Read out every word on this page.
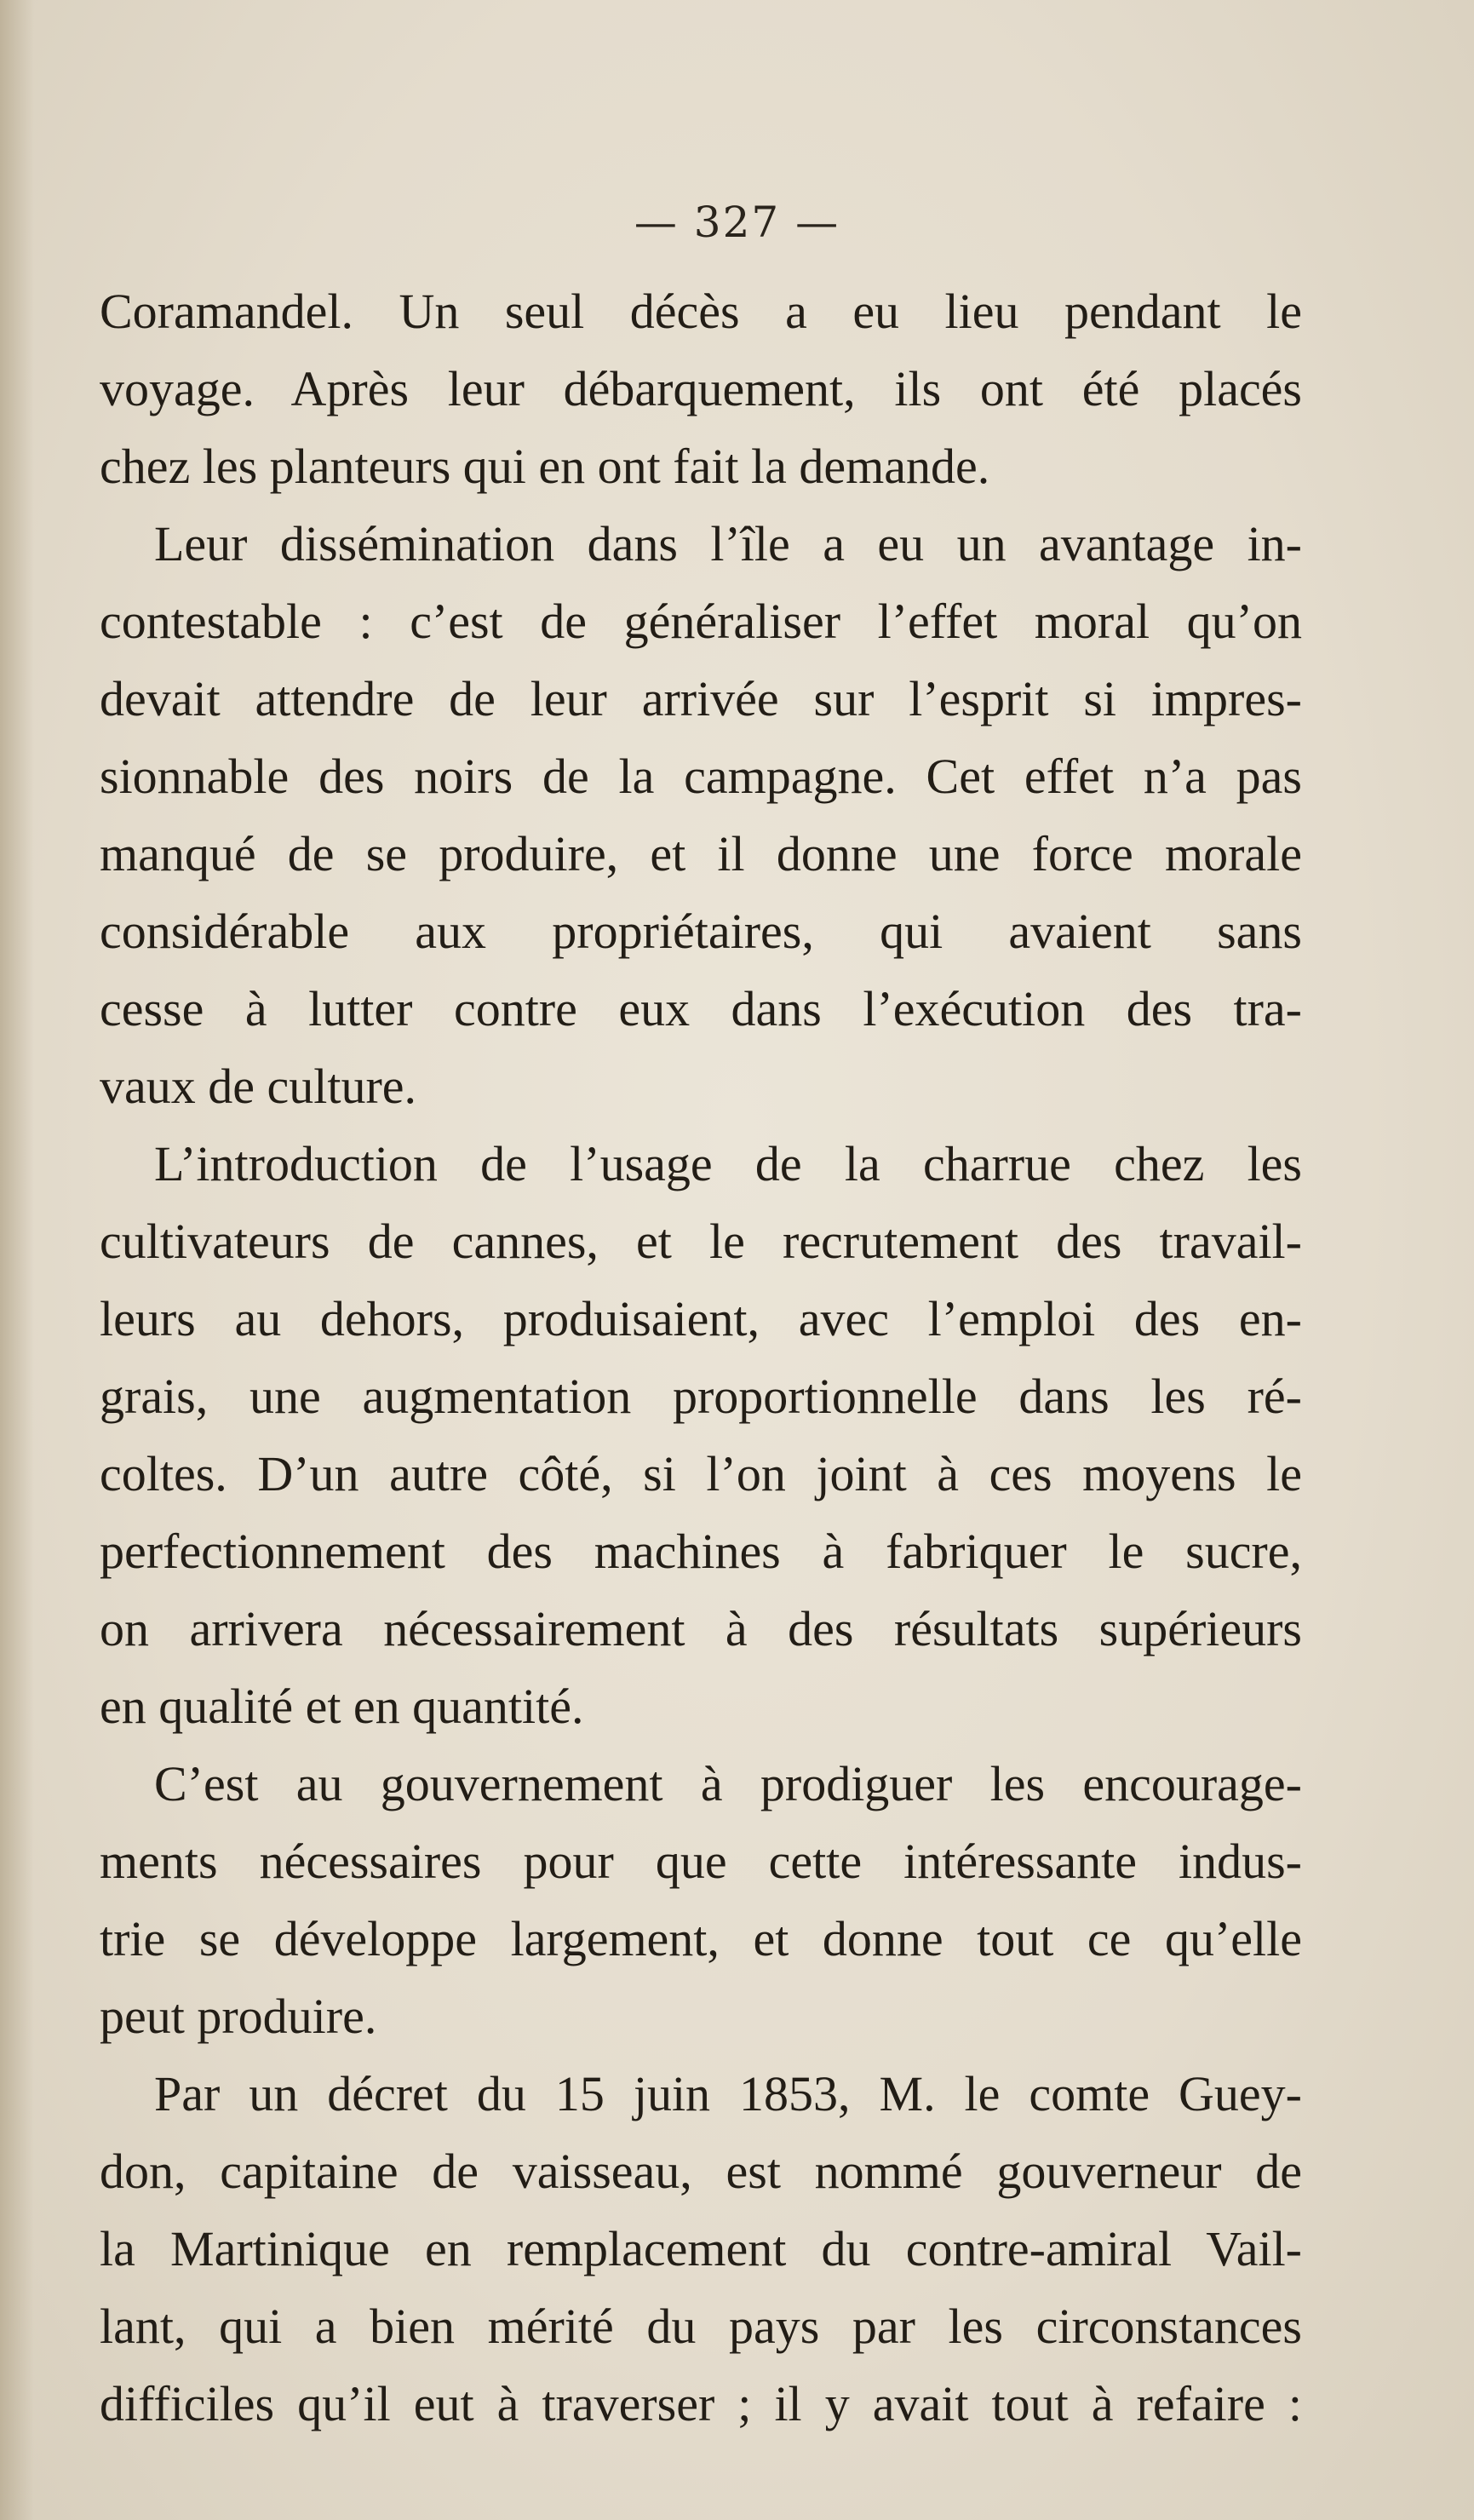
— 327 —
Coramandel. Un seul décès a eu lieu pendant le
voyage. Après leur débarquement, ils ont été placés
chez les planteurs qui en ont fait la demande.
Leur dissémination dans l’île a eu un avantage in-
contestable : c’est de généraliser l’effet moral qu’on
devait attendre de leur arrivée sur l’esprit si impres-
sionnable des noirs de la campagne. Cet effet n’a pas
manqué de se produire, et il donne une force morale
considérable aux propriétaires, qui avaient sans
cesse à lutter contre eux dans l’exécution des tra-
vaux de culture.
L’introduction de l’usage de la charrue chez les
cultivateurs de cannes, et le recrutement des travail-
leurs au dehors, produisaient, avec l’emploi des en-
grais, une augmentation proportionnelle dans les ré-
coltes. D’un autre côté, si l’on joint à ces moyens le
perfectionnement des machines à fabriquer le sucre,
on arrivera nécessairement à des résultats supérieurs
en qualité et en quantité.
C’est au gouvernement à prodiguer les encourage-
ments nécessaires pour que cette intéressante indus-
trie se développe largement, et donne tout ce qu’elle
peut produire.
Par un décret du 15 juin 1853, M. le comte Guey-
don, capitaine de vaisseau, est nommé gouverneur de
la Martinique en remplacement du contre-amiral Vail-
lant, qui a bien mérité du pays par les circonstances
difficiles qu’il eut à traverser ; il y avait tout à refaire :
